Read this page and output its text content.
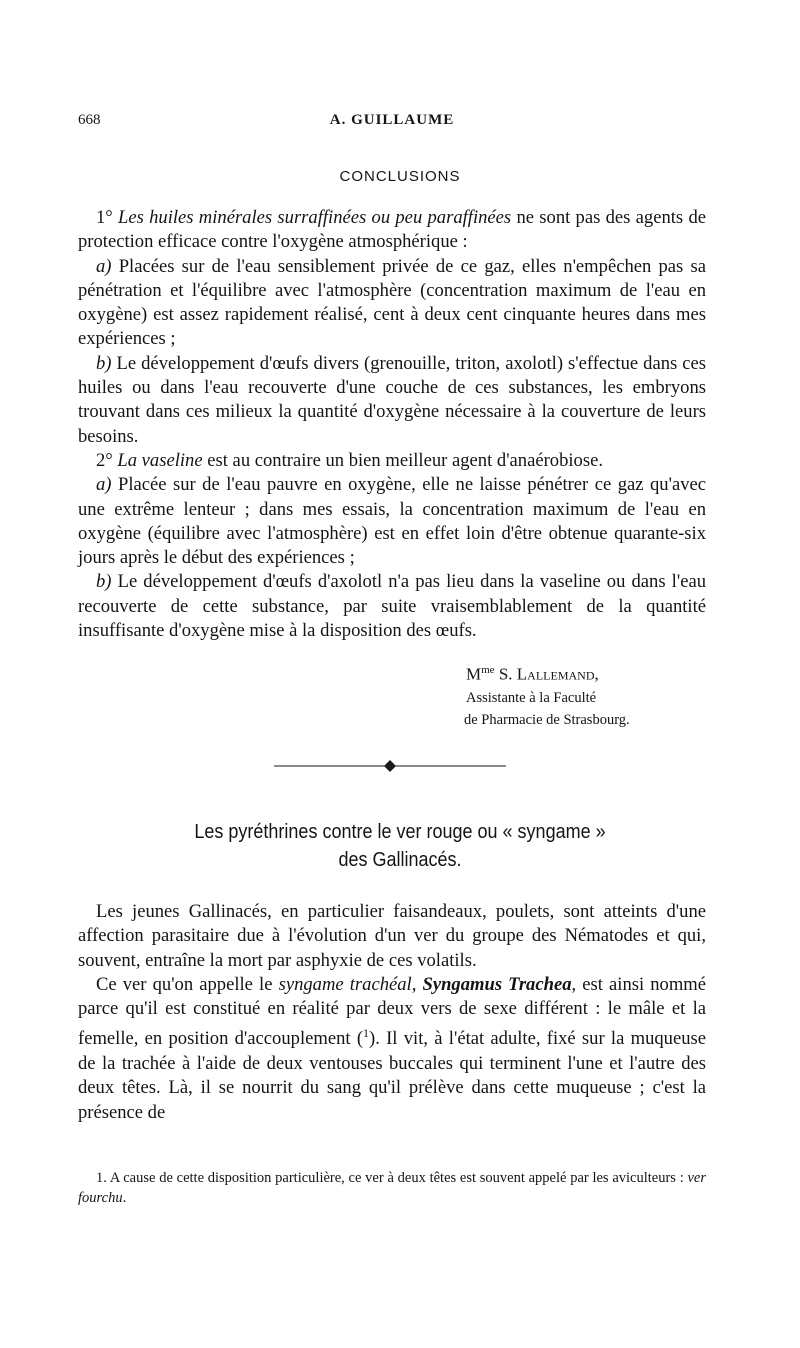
668	A. GUILLAUME
CONCLUSIONS

1° Les huiles minérales surraffinées ou peu paraffinées ne sont pas des agents de protection efficace contre l'oxygène atmosphérique :

a) Placées sur de l'eau sensiblement privée de ce gaz, elles n'empêchen pas sa pénétration et l'équilibre avec l'atmosphère (concentration maximum de l'eau en oxygène) est assez rapidement réalisé, cent à deux cent cinquante heures dans mes expériences ;

b) Le développement d'œufs divers (grenouille, triton, axolotl) s'effectue dans ces huiles ou dans l'eau recouverte d'une couche de ces substances, les embryons trouvant dans ces milieux la quantité d'oxygène nécessaire à la couverture de leurs besoins.

2° La vaseline est au contraire un bien meilleur agent d'anaérobiose.

a) Placée sur de l'eau pauvre en oxygène, elle ne laisse pénétrer ce gaz qu'avec une extrême lenteur ; dans mes essais, la concentration maximum de l'eau en oxygène (équilibre avec l'atmosphère) est en effet loin d'être obtenue quarante-six jours après le début des expériences ;

b) Le développement d'œufs d'axolotl n'a pas lieu dans la vaseline ou dans l'eau recouverte de cette substance, par suite vraisemblablement de la quantité insuffisante d'oxygène mise à la disposition des œufs.

$M^{me}$ S. Lallemand,
Assistante à la Faculté
de Pharmacie de Strasbourg.
Les pyréthrines contre le ver rouge ou « syngame »
des Gallinacés.

Les jeunes Gallinacés, en particulier faisandeaux, poulets, sont atteints d'une affection parasitaire due à l'évolution d'un ver du groupe des Nématodes et qui, souvent, entraîne la mort par asphyxie de ces volatils.

Ce ver qu'on appelle le syngame trachéal, Syngamus Trachea, est ainsi nommé parce qu'il est constitué en réalité par deux vers de sexe différent : le mâle et la femelle, en position d'accouplement ($^1$). Il vit, à l'état adulte, fixé sur la muqueuse de la trachée à l'aide de deux ventouses buccales qui terminent l'une et l'autre des deux têtes. Là, il se nourrit du sang qu'il prélève dans cette muqueuse ; c'est la présence de

1. A cause de cette disposition particulière, ce ver à deux têtes est souvent appelé par les aviculteurs : ver fourchu.
